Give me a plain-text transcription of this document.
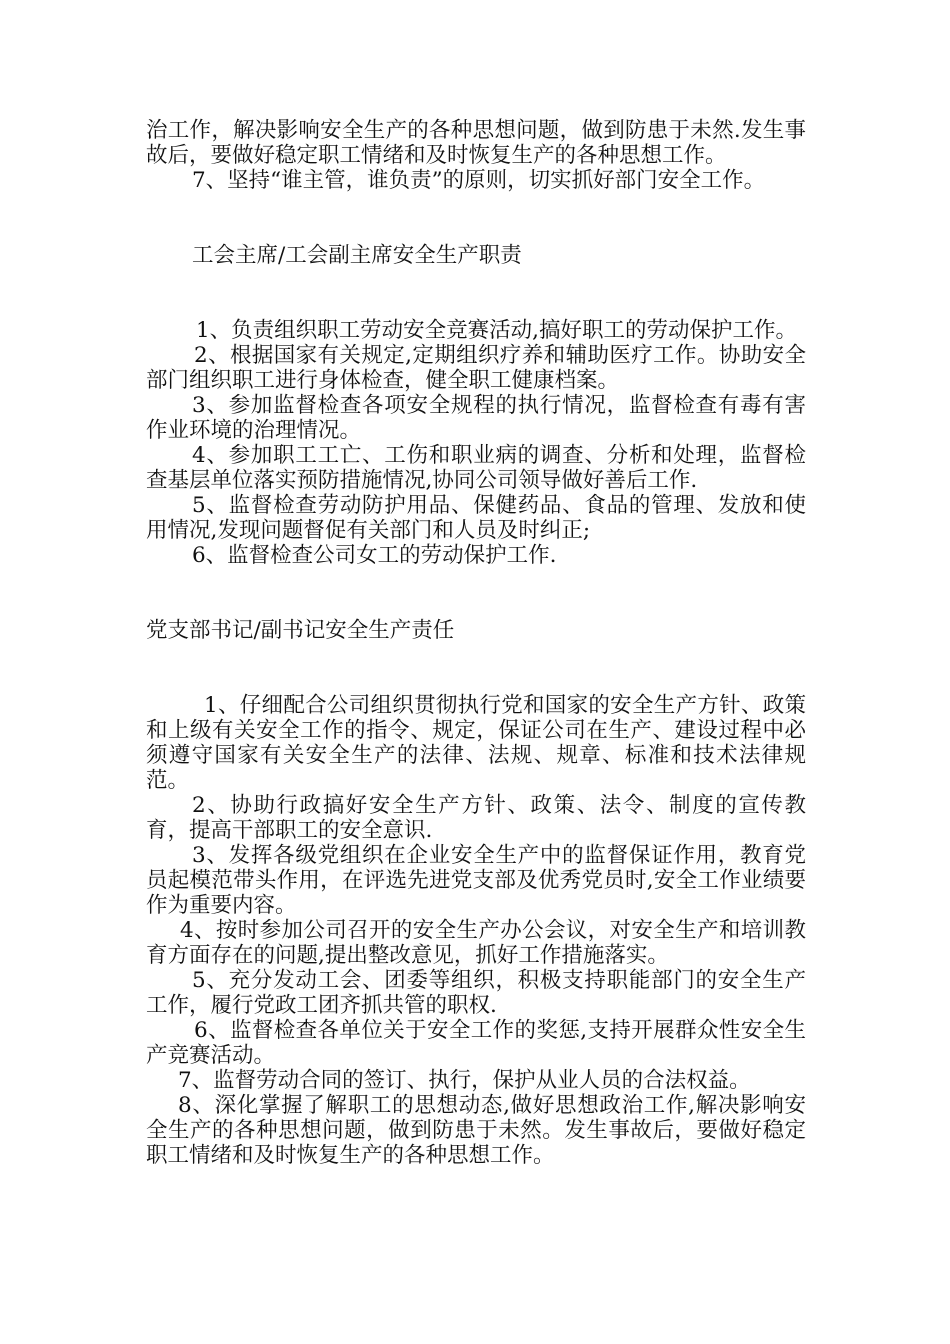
治工作，解决影响安全生产的各种思想问题，做到防患于未然.发生事故后，要做好稳定职工情绪和及时恢复生产的各种思想工作。

7、坚持“谁主管，谁负责”的原则，切实抓好部门安全工作。

工会主席/工会副主席安全生产职责

1、负责组织职工劳动安全竞赛活动,搞好职工的劳动保护工作。

2、根据国家有关规定,定期组织疗养和辅助医疗工作。协助安全部门组织职工进行身体检查，健全职工健康档案。

3、参加监督检查各项安全规程的执行情况，监督检查有毒有害作业环境的治理情况。

4、参加职工工亡、工伤和职业病的调查、分析和处理，监督检查基层单位落实预防措施情况,协同公司领导做好善后工作.

5、监督检查劳动防护用品、保健药品、食品的管理、发放和使用情况,发现问题督促有关部门和人员及时纠正;

6、监督检查公司女工的劳动保护工作.

党支部书记/副书记安全生产责任

1、仔细配合公司组织贯彻执行党和国家的安全生产方针、政策和上级有关安全工作的指令、规定，保证公司在生产、建设过程中必须遵守国家有关安全生产的法律、法规、规章、标准和技术法律规范。

2、协助行政搞好安全生产方针、政策、法令、制度的宣传教育，提高干部职工的安全意识.

3、发挥各级党组织在企业安全生产中的监督保证作用，教育党员起模范带头作用，在评选先进党支部及优秀党员时,安全工作业绩要作为重要内容。

4、按时参加公司召开的安全生产办公会议，对安全生产和培训教育方面存在的问题,提出整改意见，抓好工作措施落实。

5、充分发动工会、团委等组织，积极支持职能部门的安全生产工作，履行党政工团齐抓共管的职权.

6、监督检查各单位关于安全工作的奖惩,支持开展群众性安全生产竞赛活动。

7、监督劳动合同的签订、执行，保护从业人员的合法权益。

8、深化掌握了解职工的思想动态,做好思想政治工作,解决影响安全生产的各种思想问题，做到防患于未然。发生事故后，要做好稳定职工情绪和及时恢复生产的各种思想工作。
